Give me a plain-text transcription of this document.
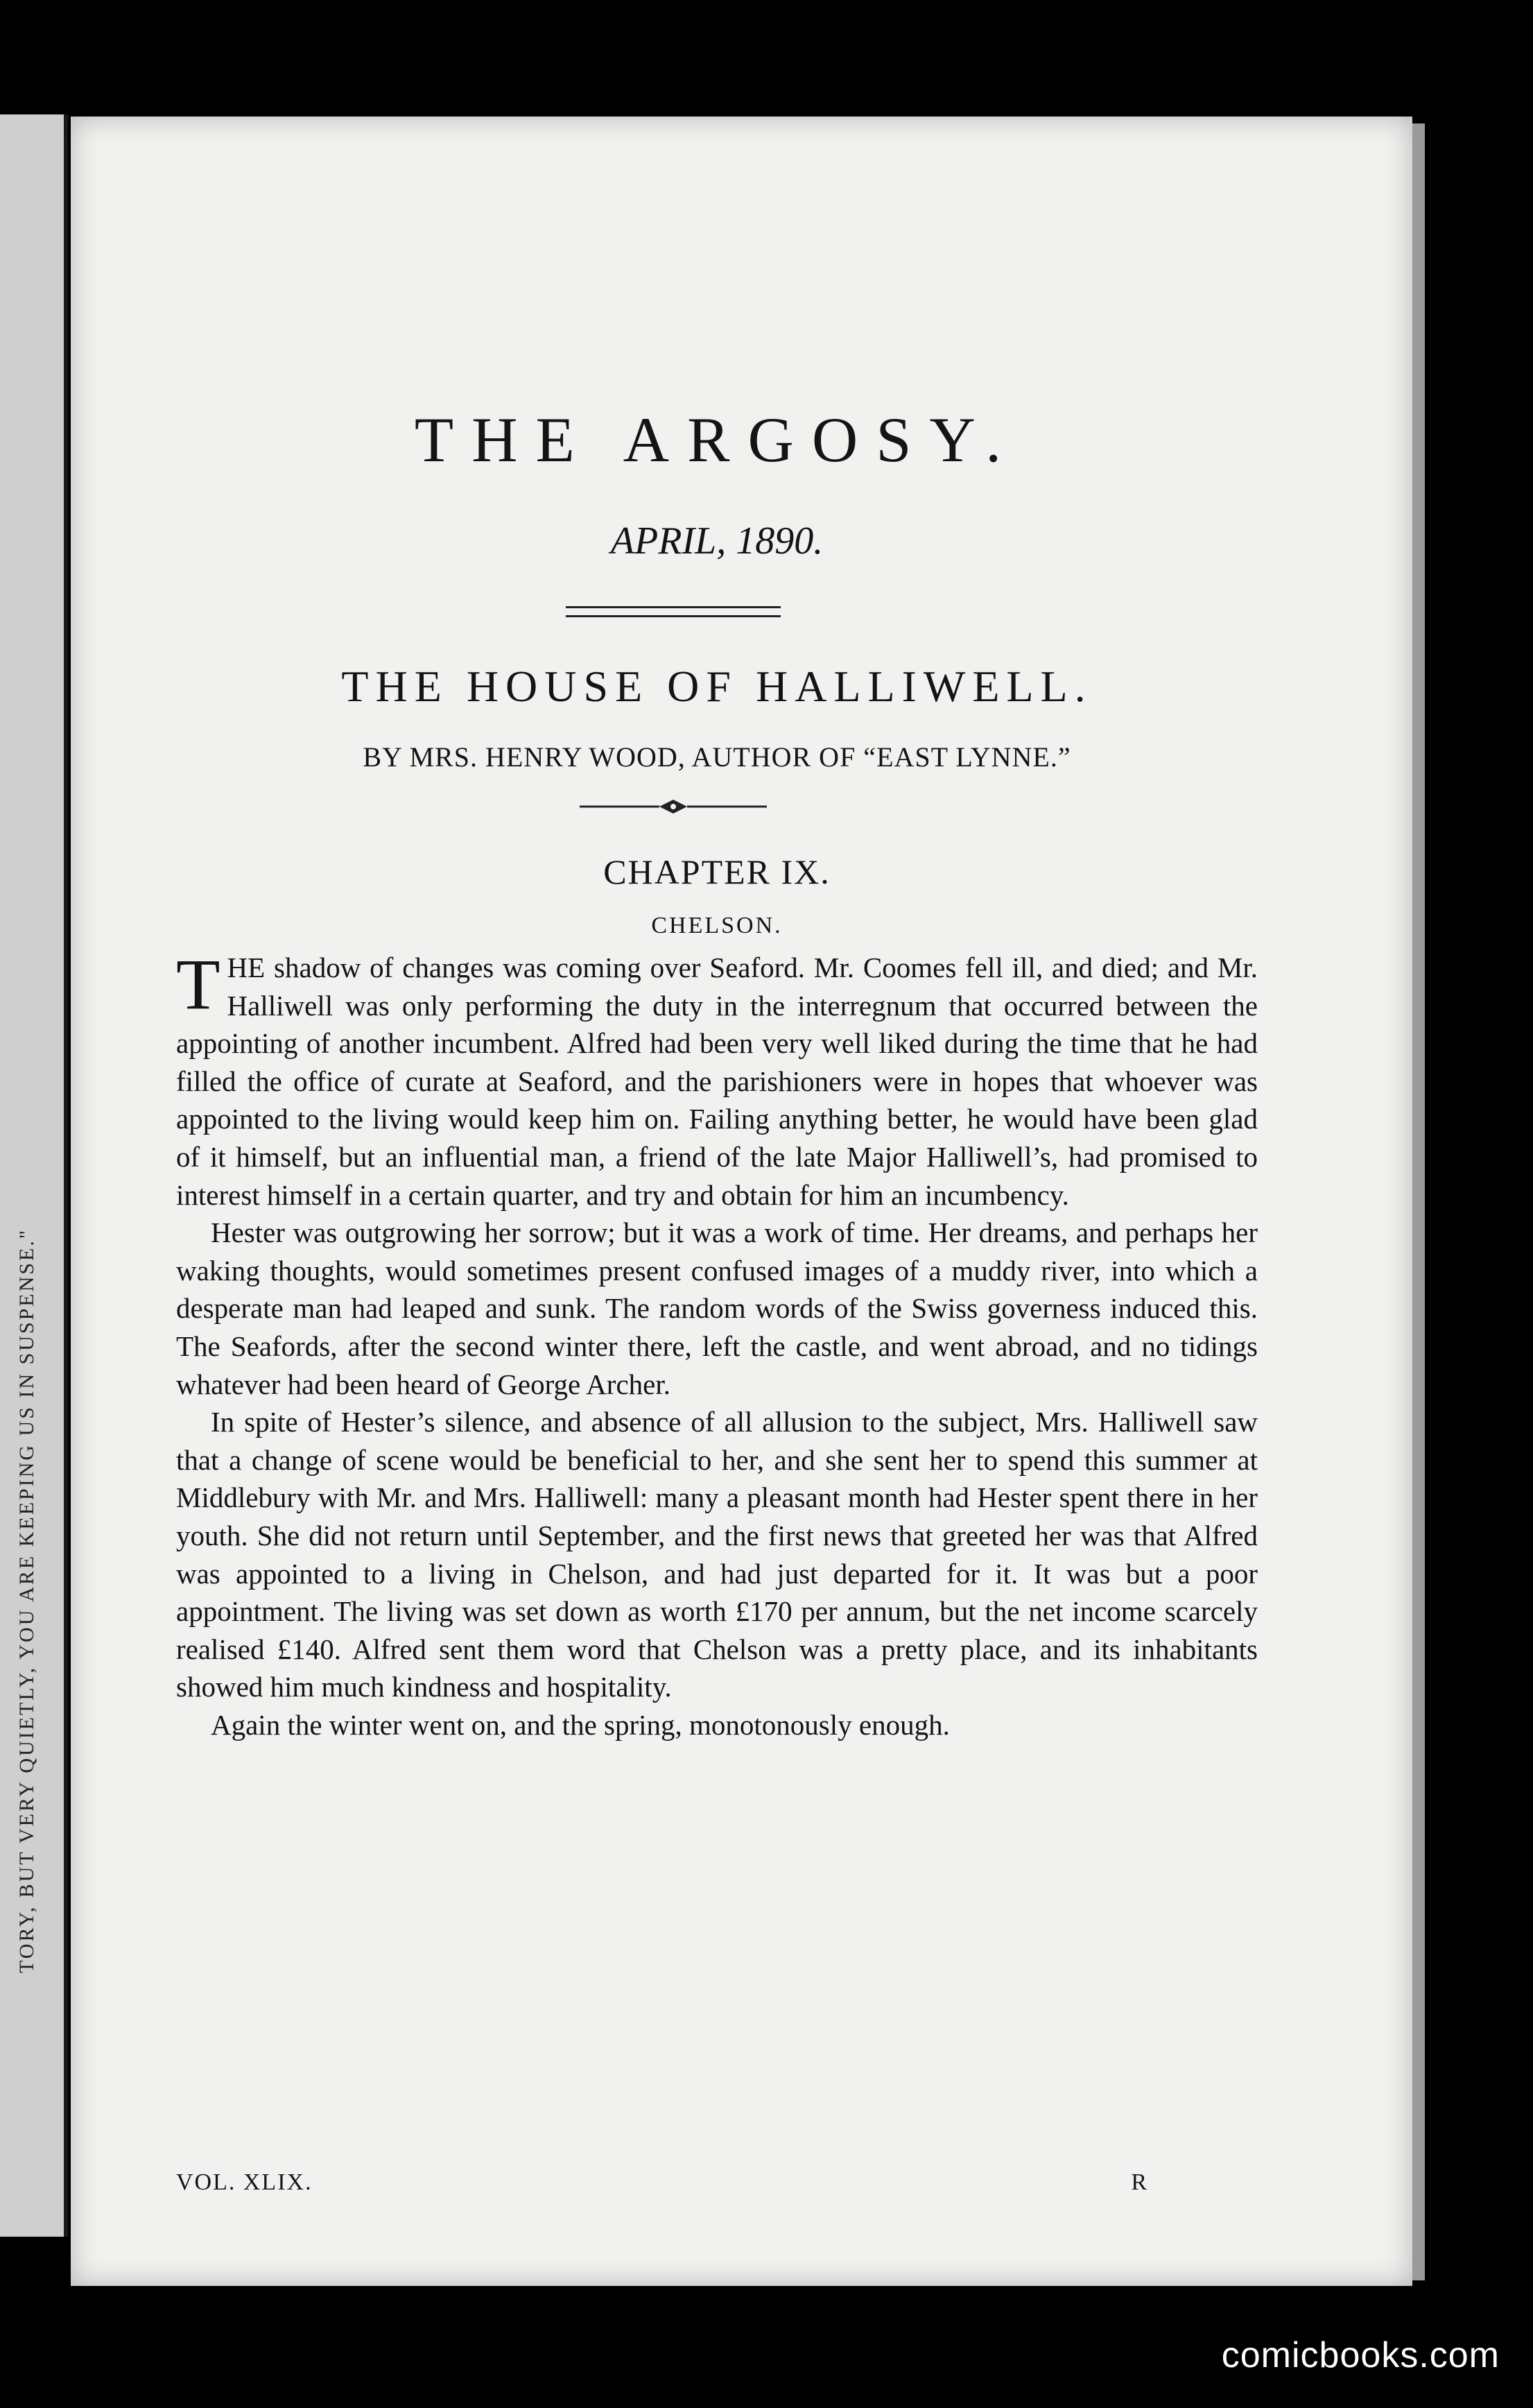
TORY, BUT VERY QUIETLY, YOU ARE KEEPING US IN SUSPENSE."
THE ARGOSY.
APRIL, 1890.
THE HOUSE OF HALLIWELL.
BY MRS. HENRY WOOD, AUTHOR OF “EAST LYNNE.”
CHAPTER IX.
CHELSON.

THE shadow of changes was coming over Seaford. Mr. Coomes fell ill, and died; and Mr. Halliwell was only performing the duty in the interregnum that occurred between the appointing of another incumbent. Alfred had been very well liked during the time that he had filled the office of curate at Seaford, and the parishioners were in hopes that whoever was appointed to the living would keep him on. Failing anything better, he would have been glad of it himself, but an influential man, a friend of the late Major Halliwell’s, had promised to interest himself in a certain quarter, and try and obtain for him an incumbency.

Hester was outgrowing her sorrow; but it was a work of time. Her dreams, and perhaps her waking thoughts, would sometimes present confused images of a muddy river, into which a desperate man had leaped and sunk. The random words of the Swiss governess induced this. The Seafords, after the second winter there, left the castle, and went abroad, and no tidings whatever had been heard of George Archer.

In spite of Hester’s silence, and absence of all allusion to the subject, Mrs. Halliwell saw that a change of scene would be beneficial to her, and she sent her to spend this summer at Middlebury with Mr. and Mrs. Halliwell: many a pleasant month had Hester spent there in her youth. She did not return until September, and the first news that greeted her was that Alfred was appointed to a living in Chelson, and had just departed for it. It was but a poor appointment. The living was set down as worth £170 per annum, but the net income scarcely realised £140. Alfred sent them word that Chelson was a pretty place, and its inhabitants showed him much kindness and hospitality.

Again the winter went on, and the spring, monotonously enough.

VOL. XLIX.	R
comicbooks.com
